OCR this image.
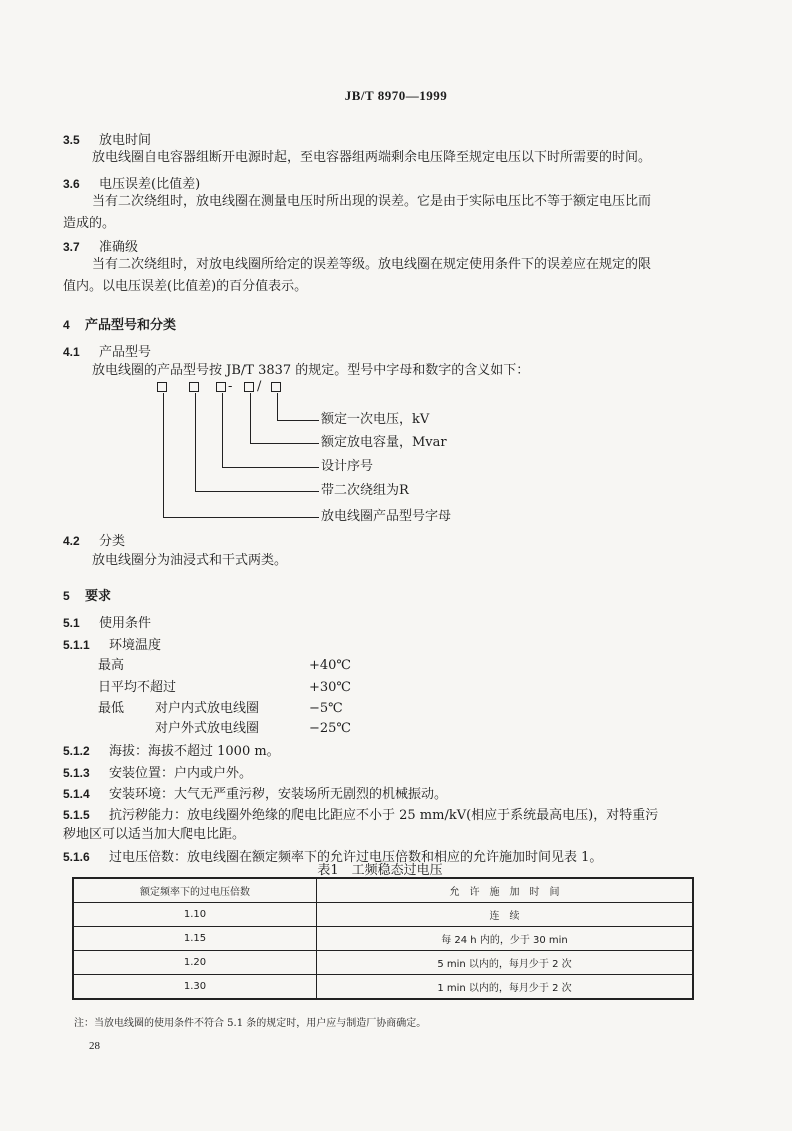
JB/T 8970—1999
3.5 放电时间
放电线圈自电容器组断开电源时起，至电容器组两端剩余电压降至规定电压以下时所需要的时间。
3.6 电压误差(比值差)
当有二次绕组时，放电线圈在测量电压时所出现的误差。它是由于实际电压比不等于额定电压比而
造成的。
3.7 准确级
当有二次绕组时，对放电线圈所给定的误差等级。放电线圈在规定使用条件下的误差应在规定的限
值内。以电压误差(比值差)的百分值表示。
4 产品型号和分类
4.1 产品型号
放电线圈的产品型号按 JB/T 3837 的规定。型号中字母和数字的含义如下：
- /
额定一次电压，kV
额定放电容量，Mvar
设计序号
带二次绕组为R
放电线圈产品型号字母
4.2 分类
放电线圈分为油浸式和干式两类。
5 要求
5.1 使用条件
5.1.1 环境温度
最高	+40℃
日平均不超过	+30℃
最低 对户内式放电线圈	−5℃
对户外式放电线圈	−25℃
5.1.2 海拔：海拔不超过 1000 m。
5.1.3 安装位置：户内或户外。
5.1.4 安装环境：大气无严重污秽，安装场所无剧烈的机械振动。
5.1.5 抗污秽能力：放电线圈外绝缘的爬电比距应不小于 25 mm/kV(相应于系统最高电压)，对特重污
秽地区可以适当加大爬电比距。
5.1.6 过电压倍数：放电线圈在额定频率下的允许过电压倍数和相应的允许施加时间见表 1。
表1　工频稳态过电压
额定频率下的过电压倍数	允　许　施　加　时　间
1.10	连　续
1.15	每 24 h 内的，少于 30 min
1.20	5 min 以内的，每月少于 2 次
1.30	1 min 以内的，每月少于 2 次
注：当放电线圈的使用条件不符合 5.1 条的规定时，用户应与制造厂协商确定。
28
